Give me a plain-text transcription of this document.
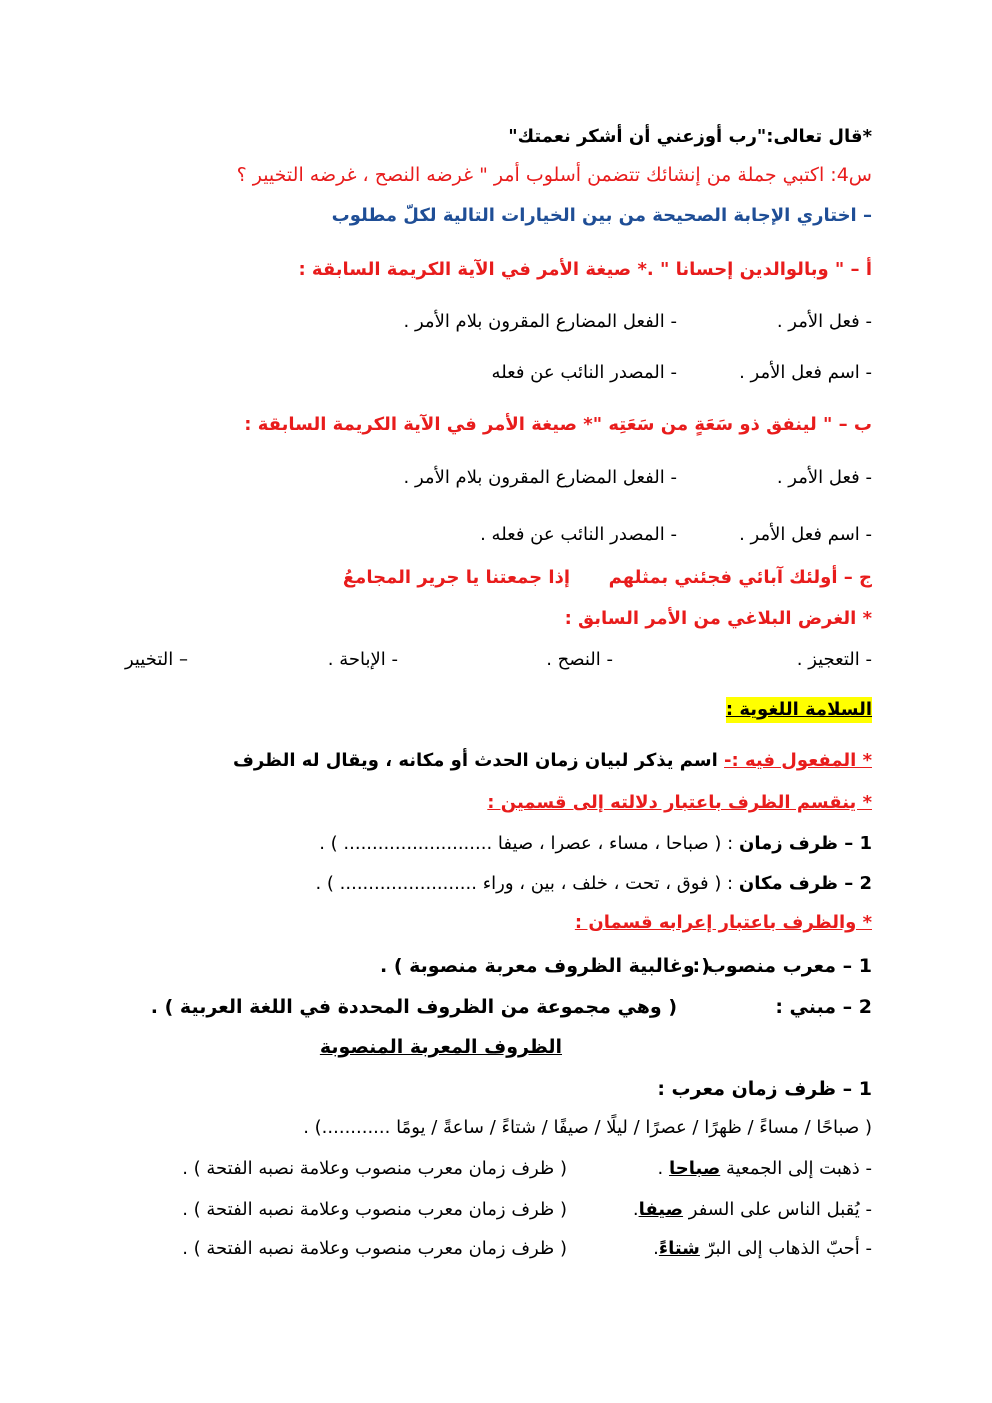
*قال تعالى:"رب أوزعني أن أشكر نعمتك"
س4: اكتبي جملة من إنشائك تتضمن أسلوب أمر " غرضه النصح ، غرضه التخيير ؟
– اختاري الإجابة الصحيحة من بين الخيارات التالية لكلّ مطلوب
أ – " وبالوالدين إحسانا " .* صيغة الأمر في الآية الكريمة السابقة :
- فعل الأمر .
- الفعل المضارع المقرون بلام الأمر .
- اسم فعل الأمر .
- المصدر النائب عن فعله
ب – " لينفق ذو سَعَةٍ من سَعَتِه "* صيغة الأمر في الآية الكريمة السابقة :
- فعل الأمر .
- الفعل المضارع المقرون بلام الأمر .
- اسم فعل الأمر .
- المصدر النائب عن فعله .
ج – أولئك آبائي فجئني بمثلهم
إذا جمعتنا يا جرير المجامعُ
* الغرض البلاغي من الأمر السابق :
- التعجيز .
- النصح .
- الإباحة .
– التخيير
السلامة اللغوية :
* المفعول فيه :- اسم يذكر لبيان زمان الحدث أو مكانه ، ويقال له الظرف
* ينقسم الظرف باعتبار دلالته إلى قسمين :
1 – ظرف زمان : ( صباحا ، مساء ، عصرا ، صيفا .......................... ) .
2 – ظرف مكان : ( فوق ، تحت ، خلف ، بين ، وراء ........................ ) .
* والظرف باعتبار إعرابه قسمان :
1 – معرب منصوب :
( وغالبية الظروف معربة منصوبة ) .
2 – مبني :
( وهي مجموعة من الظروف المحددة في اللغة العربية ) .
الظروف المعربة المنصوبة
1 – ظرف زمان معرب :
( صباحًا / مساءً / ظهرًا / عصرًا / ليلًا / صيفًا / شتاءً / ساعةً / يومًا ............) .
- ذهبت إلى الجمعية صباحا .
( ظرف زمان معرب منصوب وعلامة نصبه الفتحة ) .
- يُقبل الناس على السفر صيفا.
( ظرف زمان معرب منصوب وعلامة نصبه الفتحة ) .
- أحبّ الذهاب إلى البرّ شتاءً.
( ظرف زمان معرب منصوب وعلامة نصبه الفتحة ) .
